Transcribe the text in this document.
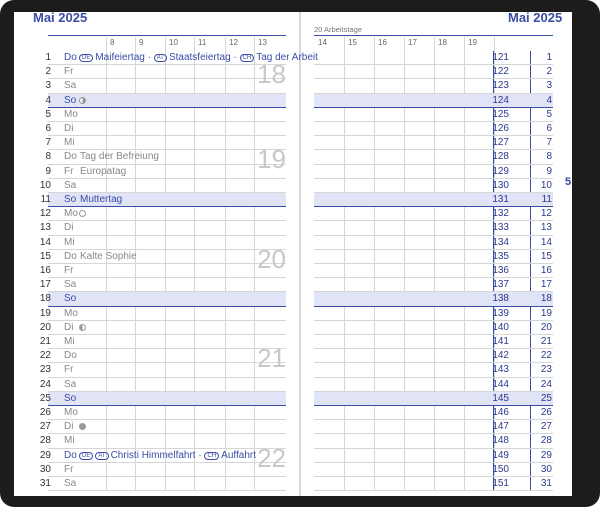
Mai 2025	Mai 2025
20 Arbeitstage
5
8	9	10	11	12	13	14	15	16	17	18	19
1 Do DE Maifeiertag · AT Staatsfeiertag · CH Tag der Arbeit	121	1
2 Fr	122	2
3 Sa	123	3
4 So	124	4
5 Mo	125	5
6 Di	126	6
7 Mi	127	7
8 Do Tag der Befreiung	128	8
9 Fr Europatag	129	9
10 Sa	130	10
11 So Muttertag	131	11
12 Mo	132	12
13 Di	133	13
14 Mi	134	14
15 Do Kalte Sophie	135	15
16 Fr	136	16
17 Sa	137	17
18 So	138	18
19 Mo	139	19
20 Di	140	20
21 Mi	141	21
22 Do	142	22
23 Fr	143	23
24 Sa	144	24
25 So	145	25
26 Mo	146	26
27 Di	147	27
28 Mi	148	28
29 Do DE AT Christi Himmelfahrt · CH Auffahrt	149	29
30 Fr	150	30
31 Sa	151	31
18
19
20
21
22
